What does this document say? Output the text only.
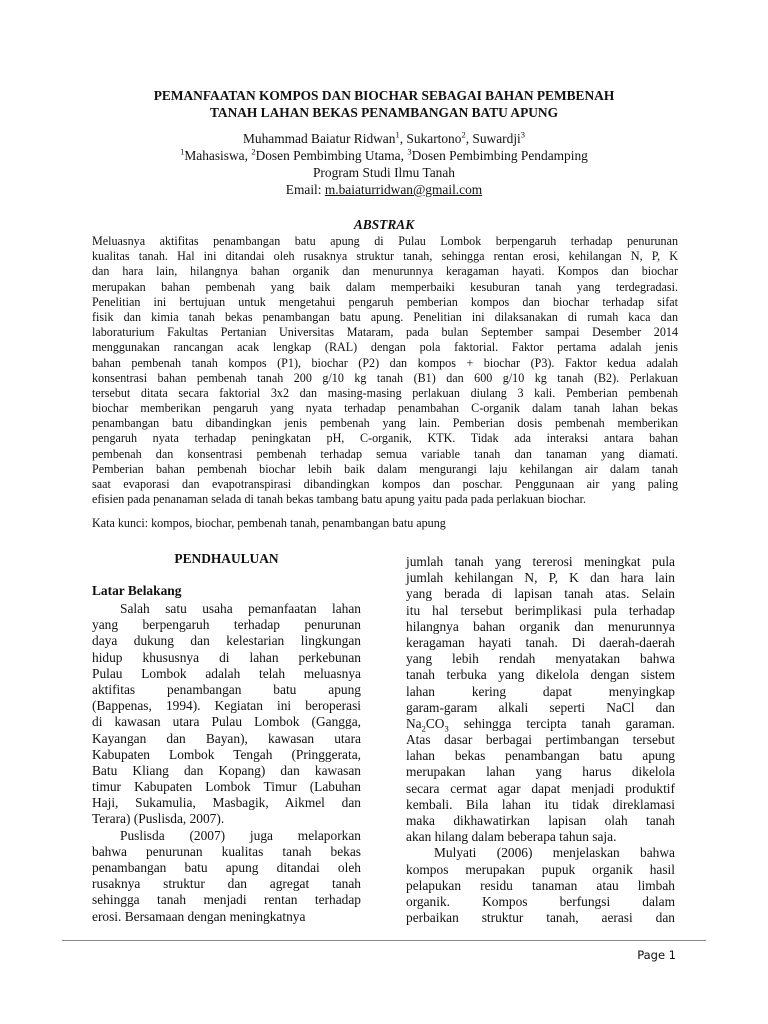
PEMANFAATAN KOMPOS DAN BIOCHAR SEBAGAI BAHAN PEMBENAH
TANAH LAHAN BEKAS PENAMBANGAN BATU APUNG
Muhammad Baiatur Ridwan$^1$, Sukartono$^2$, Suwardji$^3$
$^1$Mahasiswa, $^2$Dosen Pembimbing Utama, $^3$Dosen Pembimbing Pendamping
Program Studi Ilmu Tanah
Email: m.baiaturridwan@gmail.com
ABSTRAK
Meluasnya aktifitas penambangan batu apung di Pulau Lombok berpengaruh terhadap penurunan
kualitas tanah. Hal ini ditandai oleh rusaknya struktur tanah, sehingga rentan erosi, kehilangan N, P, K
dan hara lain, hilangnya bahan organik dan menurunnya keragaman hayati. Kompos dan biochar
merupakan bahan pembenah yang baik dalam memperbaiki kesuburan tanah yang terdegradasi.
Penelitian ini bertujuan untuk mengetahui pengaruh pemberian kompos dan biochar terhadap sifat
fisik dan kimia tanah bekas penambangan batu apung. Penelitian ini dilaksanakan di rumah kaca dan
laboraturium Fakultas Pertanian Universitas Mataram, pada bulan September sampai Desember 2014
menggunakan rancangan acak lengkap (RAL) dengan pola faktorial. Faktor pertama adalah jenis
bahan pembenah tanah kompos (P1), biochar (P2) dan kompos + biochar (P3). Faktor kedua adalah
konsentrasi bahan pembenah tanah 200 g/10 kg tanah (B1) dan 600 g/10 kg tanah (B2). Perlakuan
tersebut ditata secara faktorial 3x2 dan masing-masing perlakuan diulang 3 kali. Pemberian pembenah
biochar memberikan pengaruh yang nyata terhadap penambahan C-organik dalam tanah lahan bekas
penambangan batu dibandingkan jenis pembenah yang lain. Pemberian dosis pembenah memberikan
pengaruh nyata terhadap peningkatan pH, C-organik, KTK. Tidak ada interaksi antara bahan
pembenah dan konsentrasi pembenah terhadap semua variable tanah dan tanaman yang diamati.
Pemberian bahan pembenah biochar lebih baik dalam mengurangi laju kehilangan air dalam tanah
saat evaporasi dan evapotranspirasi dibandingkan kompos dan poschar. Penggunaan air yang paling
efisien pada penanaman selada di tanah bekas tambang batu apung yaitu pada pada perlakuan biochar.
Kata kunci: kompos, biochar, pembenah tanah, penambangan batu apung
PENDHAULUAN
Latar Belakang
Salah satu usaha pemanfaatan lahan
yang berpengaruh terhadap penurunan
daya dukung dan kelestarian lingkungan
hidup khususnya di lahan perkebunan
Pulau Lombok adalah telah meluasnya
aktifitas penambangan batu apung
(Bappenas, 1994). Kegiatan ini beroperasi
di kawasan utara Pulau Lombok (Gangga,
Kayangan dan Bayan), kawasan utara
Kabupaten Lombok Tengah (Pringgerata,
Batu Kliang dan Kopang) dan kawasan
timur Kabupaten Lombok Timur (Labuhan
Haji, Sukamulia, Masbagik, Aikmel dan
Terara) (Puslisda, 2007).
Puslisda (2007) juga melaporkan
bahwa penurunan kualitas tanah bekas
penambangan batu apung ditandai oleh
rusaknya struktur dan agregat tanah
sehingga tanah menjadi rentan terhadap
erosi. Bersamaan dengan meningkatnya
jumlah tanah yang tererosi meningkat pula
jumlah kehilangan N, P, K dan hara lain
yang berada di lapisan tanah atas. Selain
itu hal tersebut berimplikasi pula terhadap
hilangnya bahan organik dan menurunnya
keragaman hayati tanah. Di daerah-daerah
yang lebih rendah menyatakan bahwa
tanah terbuka yang dikelola dengan sistem
lahan kering dapat menyingkap
garam-garam alkali seperti NaCl dan
$Na_2CO_3$ sehingga tercipta tanah garaman.
Atas dasar berbagai pertimbangan tersebut
lahan bekas penambangan batu apung
merupakan lahan yang harus dikelola
secara cermat agar dapat menjadi produktif
kembali. Bila lahan itu tidak direklamasi
maka dikhawatirkan lapisan olah tanah
akan hilang dalam beberapa tahun saja.
Mulyati (2006) menjelaskan bahwa
kompos merupakan pupuk organik hasil
pelapukan residu tanaman atau limbah
organik. Kompos berfungsi dalam
perbaikan struktur tanah, aerasi dan
Page 1
